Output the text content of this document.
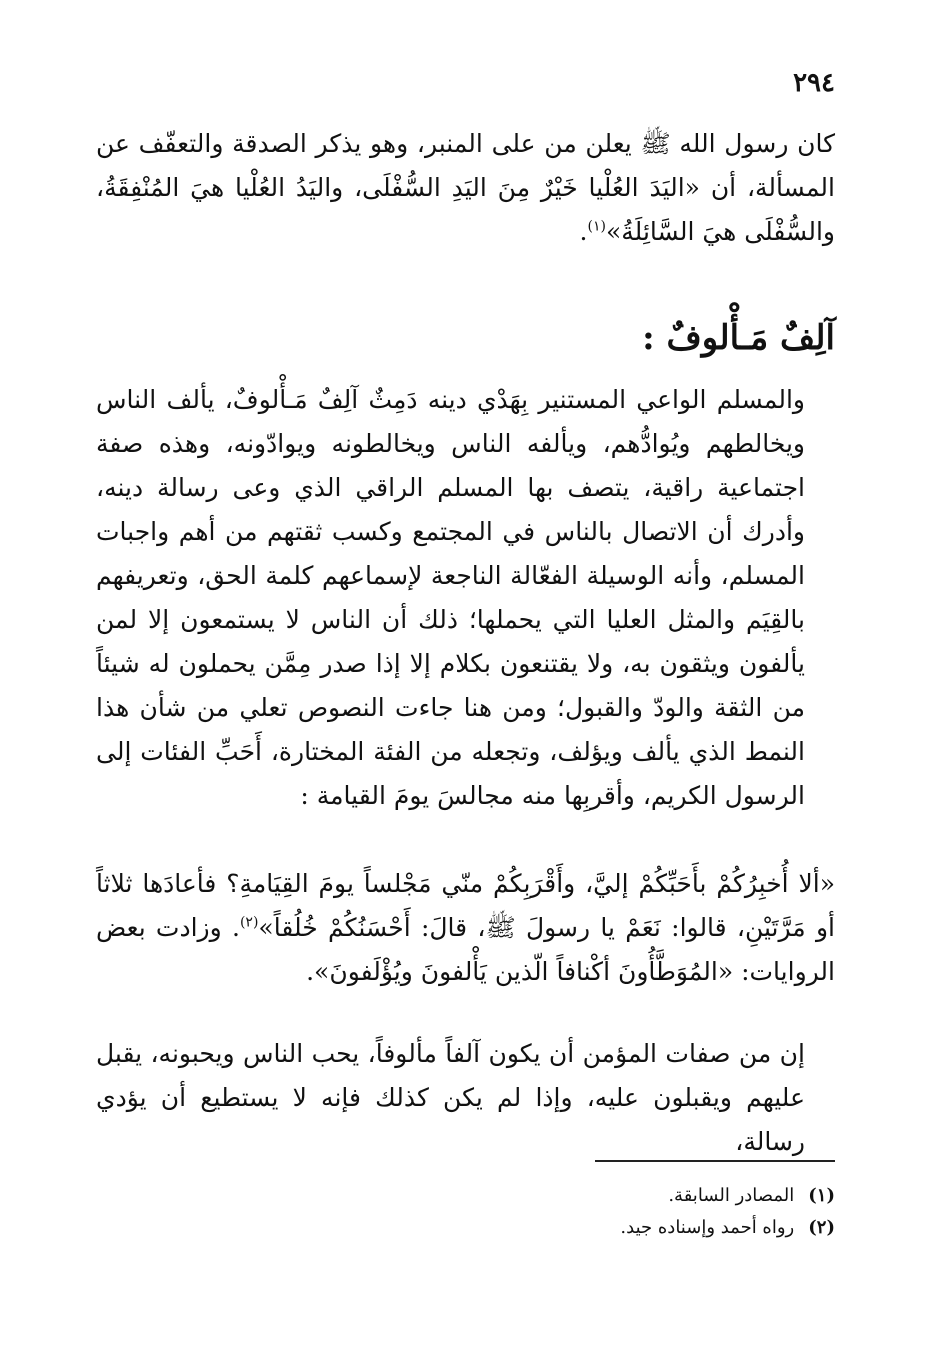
٢٩٤
كان رسول الله ﷺ يعلن من على المنبر، وهو يذكر الصدقة والتعفّف عن المسألة، أن «اليَدَ العُلْيا خَيْرٌ مِنَ اليَدِ السُّفْلَى، واليَدُ العُلْيا هيَ المُنْفِقَةُ، والسُّفْلَى هيَ السَّائِلَةُ»$^{(١)}$.
آلِفٌ مَـأْلوفٌ :
والمسلم الواعي المستنير بِهَدْي دينه دَمِثٌ آلِفٌ مَـأْلوفٌ، يألف الناس ويخالطهم ويُوادُّهم، ويألفه الناس ويخالطونه ويوادّونه، وهذه صفة اجتماعية راقية، يتصف بها المسلم الراقي الذي وعى رسالة دينه، وأدرك أن الاتصال بالناس في المجتمع وكسب ثقتهم من أهم واجبات المسلم، وأنه الوسيلة الفعّالة الناجعة لإسماعهم كلمة الحق، وتعريفهم بالقِيَم والمثل العليا التي يحملها؛ ذلك أن الناس لا يستمعون إلا لمن يألفون ويثقون به، ولا يقتنعون بكلام إلا إذا صدر مِمَّن يحملون له شيئاً من الثقة والودّ والقبول؛ ومن هنا جاءت النصوص تعلي من شأن هذا النمط الذي يألف ويؤلف، وتجعله من الفئة المختارة، أَحَبِّ الفئات إلى الرسول الكريم، وأقربِها منه مجالسَ يومَ القيامة :
«ألا أُخبِرُكُمْ بأَحَبِّكُمْ إليَّ، وأَقْرَبِكُمْ منّي مَجْلساً يومَ القِيَامةِ؟ فأعادَها ثلاثاً أو مَرَّتَيْنِ، قالوا: نَعَمْ يا رسولَ ﷺ، قالَ: أَحْسَنُكُمْ خُلُقاً»$^{(٢)}$. وزادت بعض الروايات: «المُوَطَّأُونَ أكْنافاً الّذين يَأْلفونَ ويُؤْلَفونَ».
إن من صفات المؤمن أن يكون آلفاً مألوفاً، يحب الناس ويحبونه، يقبل عليهم ويقبلون عليه، وإذا لم يكن كذلك فإنه لا يستطيع أن يؤدي رسالة،
(١)المصادر السابقة.
(٢)رواه أحمد وإسناده جيد.
